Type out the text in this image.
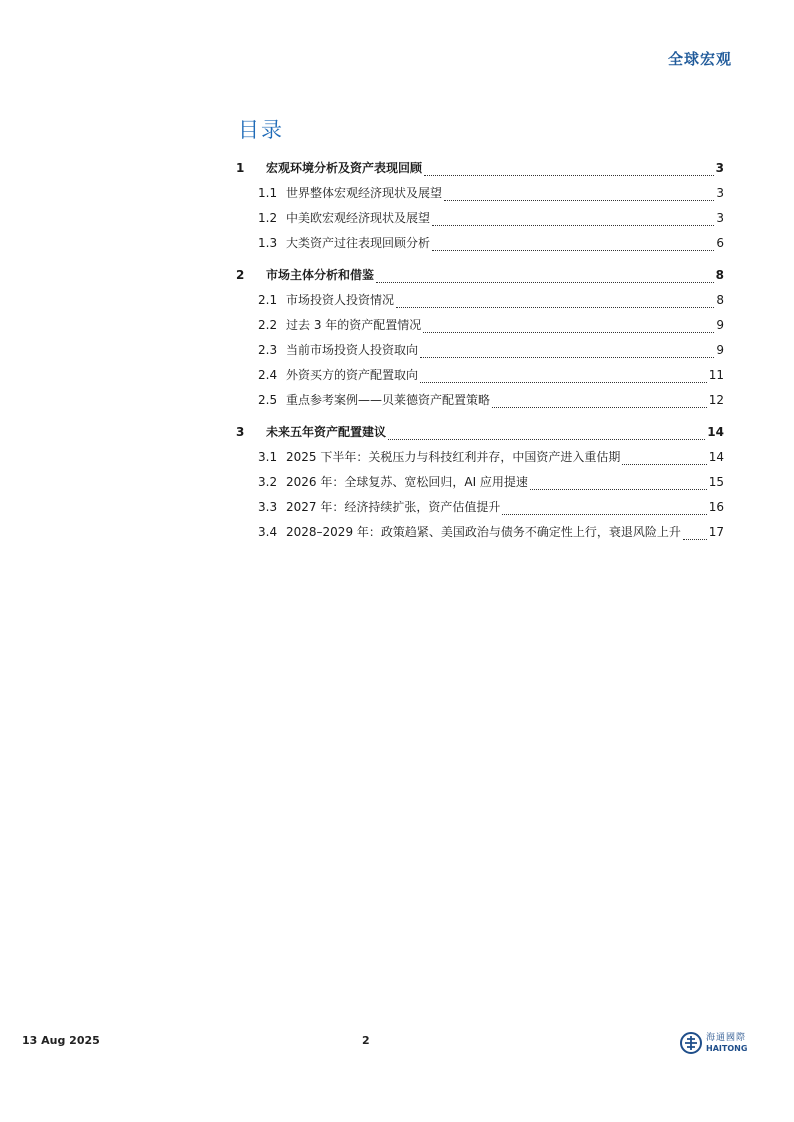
全球宏观
目录
1	宏观环境分析及资产表现回顾	3
1.1 世界整体宏观经济现状及展望	3
1.2 中美欧宏观经济现状及展望	3
1.3 大类资产过往表现回顾分析	6
2	市场主体分析和借鉴	8
2.1 市场投资人投资情况	8
2.2 过去 3 年的资产配置情况	9
2.3 当前市场投资人投资取向	9
2.4 外资买方的资产配置取向	11
2.5 重点参考案例——贝莱德资产配置策略	12
3	未来五年资产配置建议	14
3.1 2025 下半年：关税压力与科技红利并存，中国资产进入重估期	14
3.2 2026 年：全球复苏、宽松回归，AI 应用提速	15
3.3 2027 年：经济持续扩张，资产估值提升	16
3.4 2028–2029 年：政策趋紧、美国政治与债务不确定性上行，衰退风险上升 17
13 Aug 2025	2	海通國際
HAITONG
